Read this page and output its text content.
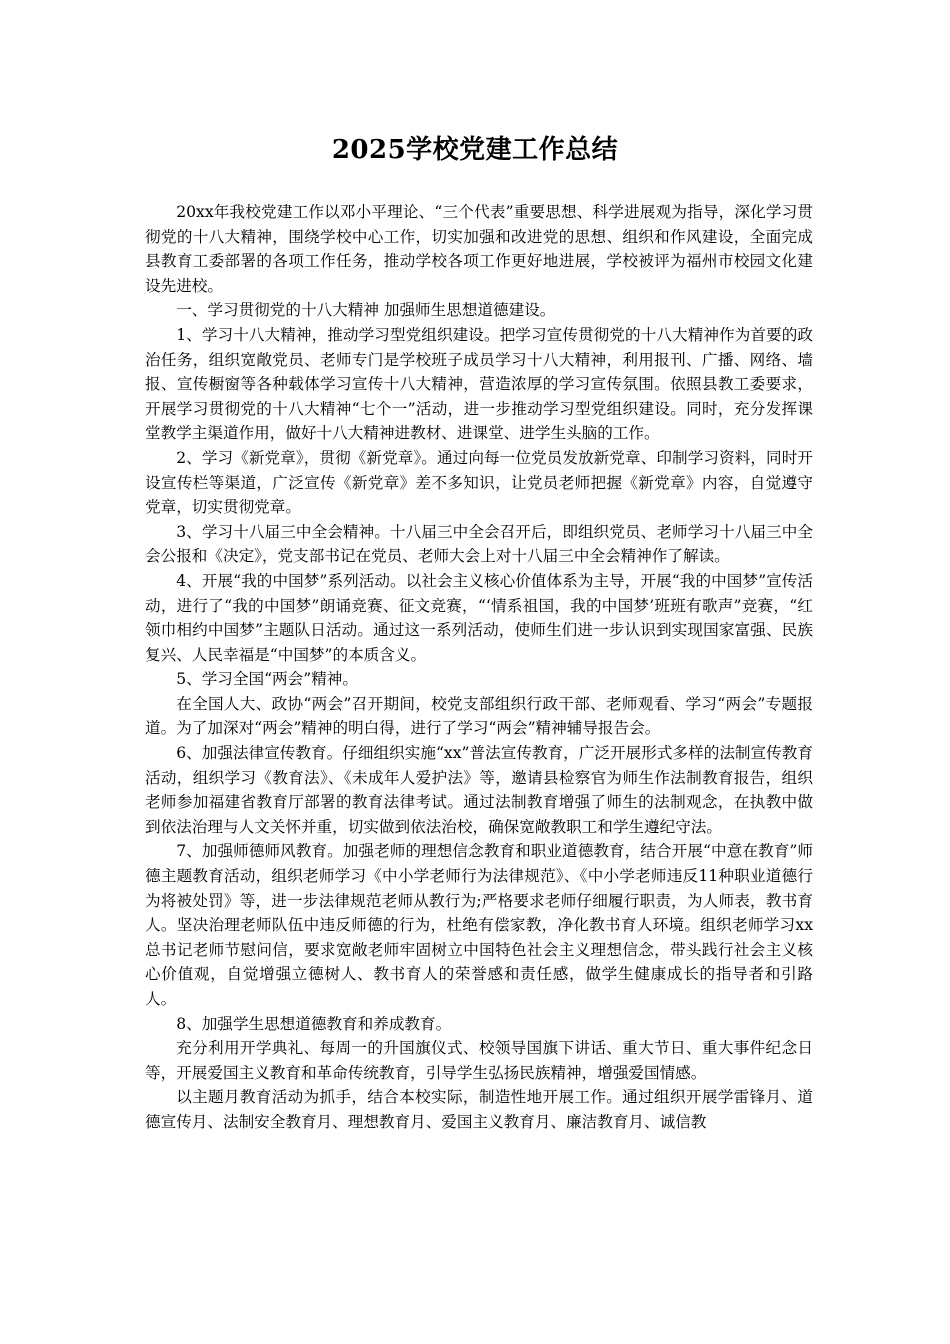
2025学校党建工作总结

20xx年我校党建工作以邓小平理论、“三个代表”重要思想、科学进展观为指导，深化学习贯彻党的十八大精神，围绕学校中心工作，切实加强和改进党的思想、组织和作风建设，全面完成县教育工委部署的各项工作任务，推动学校各项工作更好地进展，学校被评为福州市校园文化建设先进校。

一、学习贯彻党的十八大精神 加强师生思想道德建设。

1、学习十八大精神，推动学习型党组织建设。把学习宣传贯彻党的十八大精神作为首要的政治任务，组织宽敞党员、老师专门是学校班子成员学习十八大精神，利用报刊、广播、网络、墙报、宣传橱窗等各种载体学习宣传十八大精神，营造浓厚的学习宣传氛围。依照县教工委要求，开展学习贯彻党的十八大精神“七个一”活动，进一步推动学习型党组织建设。同时，充分发挥课堂教学主渠道作用，做好十八大精神进教材、进课堂、进学生头脑的工作。

2、学习《新党章》，贯彻《新党章》。通过向每一位党员发放新党章、印制学习资料，同时开设宣传栏等渠道，广泛宣传《新党章》差不多知识，让党员老师把握《新党章》内容，自觉遵守党章，切实贯彻党章。

3、学习十八届三中全会精神。十八届三中全会召开后，即组织党员、老师学习十八届三中全会公报和《决定》，党支部书记在党员、老师大会上对十八届三中全会精神作了解读。

4、开展“我的中国梦”系列活动。以社会主义核心价值体系为主导，开展“我的中国梦”宣传活动，进行了“我的中国梦”朗诵竞赛、征文竞赛，“‘情系祖国，我的中国梦’班班有歌声”竞赛，“红领巾相约中国梦”主题队日活动。通过这一系列活动，使师生们进一步认识到实现国家富强、民族复兴、人民幸福是“中国梦”的本质含义。

5、学习全国“两会”精神。

在全国人大、政协“两会”召开期间，校党支部组织行政干部、老师观看、学习“两会”专题报道。为了加深对“两会”精神的明白得，进行了学习“两会”精神辅导报告会。

6、加强法律宣传教育。仔细组织实施“xx”普法宣传教育，广泛开展形式多样的法制宣传教育活动，组织学习《教育法》、《未成年人爱护法》等，邀请县检察官为师生作法制教育报告，组织老师参加福建省教育厅部署的教育法律考试。通过法制教育增强了师生的法制观念，在执教中做到依法治理与人文关怀并重，切实做到依法治校，确保宽敞教职工和学生遵纪守法。

7、加强师德师风教育。加强老师的理想信念教育和职业道德教育，结合开展“中意在教育”师德主题教育活动，组织老师学习《中小学老师行为法律规范》、《中小学老师违反11种职业道德行为将被处罚》等，进一步法律规范老师从教行为;严格要求老师仔细履行职责，为人师表，教书育人。坚决治理老师队伍中违反师德的行为，杜绝有偿家教，净化教书育人环境。组织老师学习xx总书记老师节慰问信，要求宽敞老师牢固树立中国特色社会主义理想信念，带头践行社会主义核心价值观，自觉增强立德树人、教书育人的荣誉感和责任感，做学生健康成长的指导者和引路人。

8、加强学生思想道德教育和养成教育。

充分利用开学典礼、每周一的升国旗仪式、校领导国旗下讲话、重大节日、重大事件纪念日等，开展爱国主义教育和革命传统教育，引导学生弘扬民族精神，增强爱国情感。

以主题月教育活动为抓手，结合本校实际，制造性地开展工作。通过组织开展学雷锋月、道德宣传月、法制安全教育月、理想教育月、爱国主义教育月、廉洁教育月、诚信教
